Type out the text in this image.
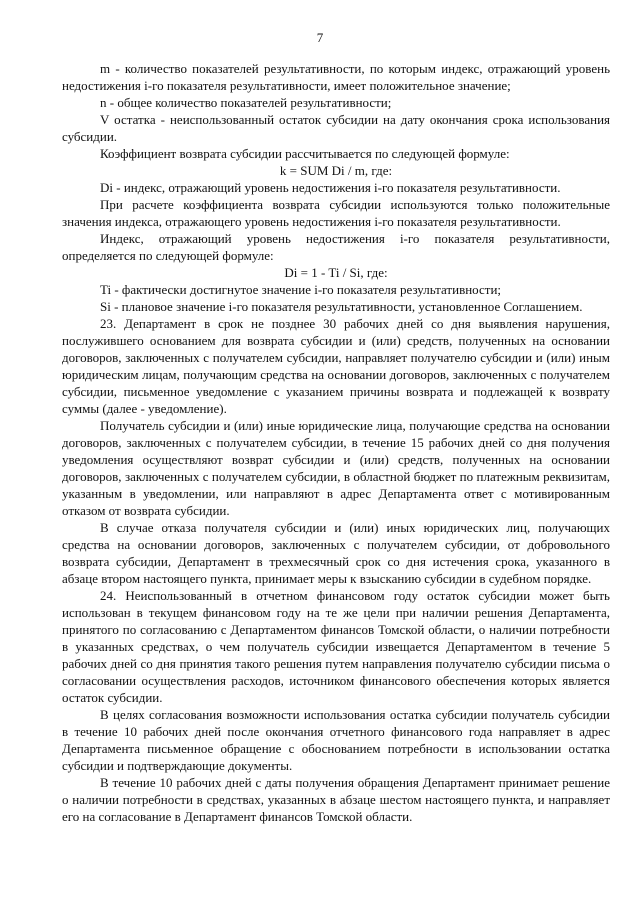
7

m - количество показателей результативности, по которым индекс, отражающий уровень недостижения i-го показателя результативности, имеет положительное значение;

n - общее количество показателей результативности;

V остатка - неиспользованный остаток субсидии на дату окончания срока использования субсидии.

Коэффициент возврата субсидии рассчитывается по следующей формуле:

k = SUM Di / m, где:

Di - индекс, отражающий уровень недостижения i-го показателя результативности.

При расчете коэффициента возврата субсидии используются только положительные значения индекса, отражающего уровень недостижения i-го показателя результативности.

Индекс, отражающий уровень недостижения i-го показателя результативности, определяется по следующей формуле:

Di = 1 - Ti / Si, где:

Ti - фактически достигнутое значение i-го показателя результативности;

Si - плановое значение i-го показателя результативности, установленное Соглашением.

23. Департамент в срок не позднее 30 рабочих дней со дня выявления нарушения, послужившего основанием для возврата субсидии и (или) средств, полученных на основании договоров, заключенных с получателем субсидии, направляет получателю субсидии и (или) иным юридическим лицам, получающим средства на основании договоров, заключенных с получателем субсидии, письменное уведомление с указанием причины возврата и подлежащей к возврату суммы (далее - уведомление).

Получатель субсидии и (или) иные юридические лица, получающие средства на основании договоров, заключенных с получателем субсидии, в течение 15 рабочих дней со дня получения уведомления осуществляют возврат субсидии и (или) средств, полученных на основании договоров, заключенных с получателем субсидии, в областной бюджет по платежным реквизитам, указанным в уведомлении, или направляют в адрес Департамента ответ с мотивированным отказом от возврата субсидии.

В случае отказа получателя субсидии и (или) иных юридических лиц, получающих средства на основании договоров, заключенных с получателем субсидии, от добровольного возврата субсидии, Департамент в трехмесячный срок со дня истечения срока, указанного в абзаце втором настоящего пункта, принимает меры к взысканию субсидии в судебном порядке.

24. Неиспользованный в отчетном финансовом году остаток субсидии может быть использован в текущем финансовом году на те же цели при наличии решения Департамента, принятого по согласованию с Департаментом финансов Томской области, о наличии потребности в указанных средствах, о чем получатель субсидии извещается Департаментом в течение 5 рабочих дней со дня принятия такого решения путем направления получателю субсидии письма о согласовании осуществления расходов, источником финансового обеспечения которых является остаток субсидии.

В целях согласования возможности использования остатка субсидии получатель субсидии в течение 10 рабочих дней после окончания отчетного финансового года направляет в адрес Департамента письменное обращение с обоснованием потребности в использовании остатка субсидии и подтверждающие документы.

В течение 10 рабочих дней с даты получения обращения Департамент принимает решение о наличии потребности в средствах, указанных в абзаце шестом настоящего пункта, и направляет его на согласование в Департамент финансов Томской области.
